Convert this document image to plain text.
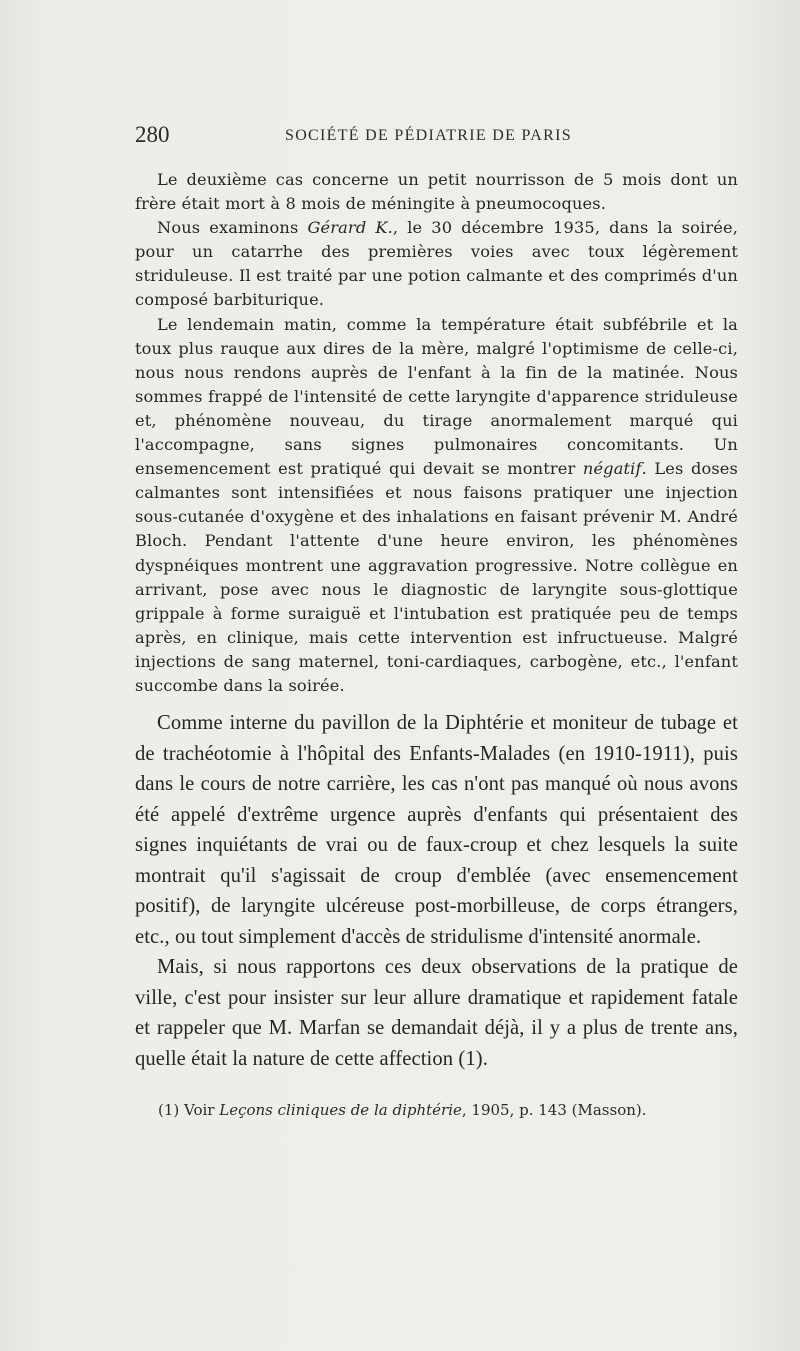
280	SOCIÉTÉ DE PÉDIATRIE DE PARIS

Le deuxième cas concerne un petit nourrisson de 5 mois dont un frère était mort à 8 mois de méningite à pneumocoques.

Nous examinons Gérard K., le 30 décembre 1935, dans la soirée, pour un catarrhe des premières voies avec toux légèrement striduleuse. Il est traité par une potion calmante et des comprimés d'un composé barbiturique.

Le lendemain matin, comme la température était subfébrile et la toux plus rauque aux dires de la mère, malgré l'optimisme de celle-ci, nous nous rendons auprès de l'enfant à la fin de la matinée. Nous sommes frappé de l'intensité de cette laryngite d'apparence striduleuse et, phénomène nouveau, du tirage anormalement marqué qui l'accompagne, sans signes pulmonaires concomitants. Un ensemencement est pratiqué qui devait se montrer négatif. Les doses calmantes sont intensifiées et nous faisons pratiquer une injection sous-cutanée d'oxygène et des inhalations en faisant prévenir M. André Bloch. Pendant l'attente d'une heure environ, les phénomènes dyspnéiques montrent une aggravation progressive. Notre collègue en arrivant, pose avec nous le diagnostic de laryngite sous-glottique grippale à forme suraiguë et l'intubation est pratiquée peu de temps après, en clinique, mais cette intervention est infructueuse. Malgré injections de sang maternel, toni-cardiaques, carbogène, etc., l'enfant succombe dans la soirée.

Comme interne du pavillon de la Diphtérie et moniteur de tubage et de trachéotomie à l'hôpital des Enfants-Malades (en 1910-1911), puis dans le cours de notre carrière, les cas n'ont pas manqué où nous avons été appelé d'extrême urgence auprès d'enfants qui présentaient des signes inquiétants de vrai ou de faux-croup et chez lesquels la suite montrait qu'il s'agissait de croup d'emblée (avec ensemencement positif), de laryngite ulcéreuse post-morbilleuse, de corps étrangers, etc., ou tout simplement d'accès de stridulisme d'intensité anormale.

Mais, si nous rapportons ces deux observations de la pratique de ville, c'est pour insister sur leur allure dramatique et rapidement fatale et rappeler que M. Marfan se demandait déjà, il y a plus de trente ans, quelle était la nature de cette affection (1).

(1) Voir Leçons cliniques de la diphtérie, 1905, p. 143 (Masson).
